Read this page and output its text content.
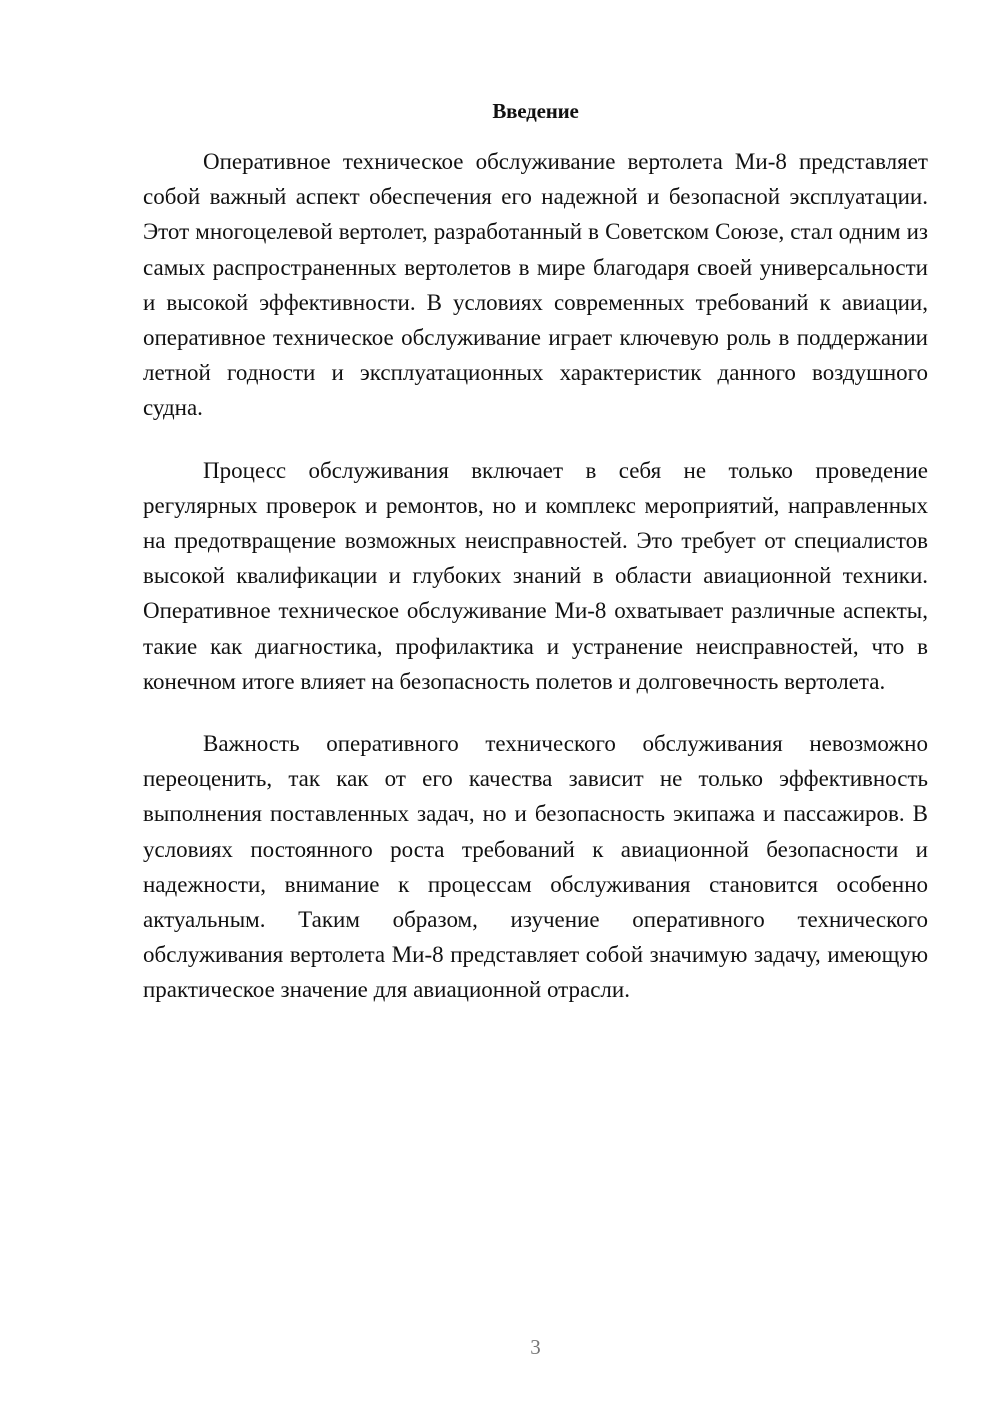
Введение

Оперативное техническое обслуживание вертолета Ми-8 представляет собой важный аспект обеспечения его надежной и безопасной эксплуатации. Этот многоцелевой вертолет, разработанный в Советском Союзе, стал одним из самых распространенных вертолетов в мире благодаря своей универсальности и высокой эффективности. В условиях современных требований к авиации, оперативное техническое обслуживание играет ключевую роль в поддержании летной годности и эксплуатационных характеристик данного воздушного судна.

Процесс обслуживания включает в себя не только проведение регулярных проверок и ремонтов, но и комплекс мероприятий, направленных на предотвращение возможных неисправностей. Это требует от специалистов высокой квалификации и глубоких знаний в области авиационной техники. Оперативное техническое обслуживание Ми-8 охватывает различные аспекты, такие как диагностика, профилактика и устранение неисправностей, что в конечном итоге влияет на безопасность полетов и долговечность вертолета.

Важность оперативного технического обслуживания невозможно переоценить, так как от его качества зависит не только эффективность выполнения поставленных задач, но и безопасность экипажа и пассажиров. В условиях постоянного роста требований к авиационной безопасности и надежности, внимание к процессам обслуживания становится особенно актуальным. Таким образом, изучение оперативного технического обслуживания вертолета Ми-8 представляет собой значимую задачу, имеющую практическое значение для авиационной отрасли.

3
